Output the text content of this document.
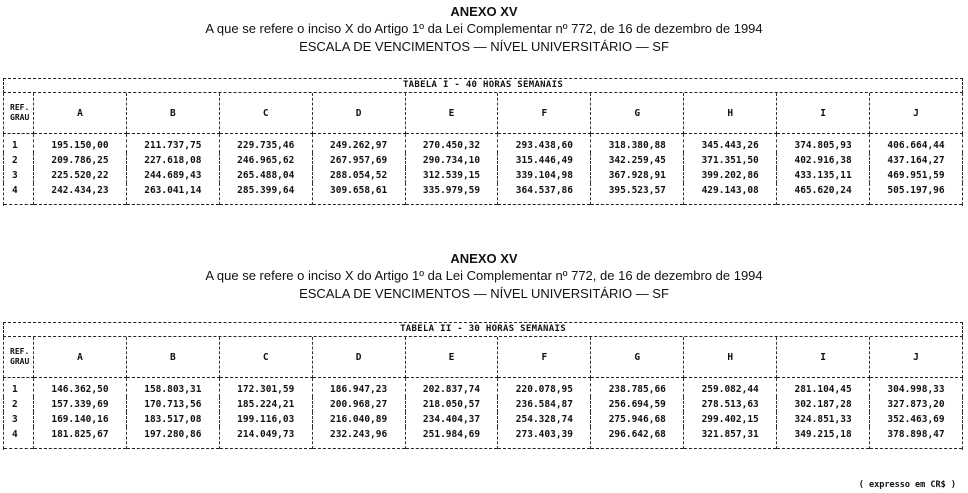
ANEXO XV
A que se refere o inciso X do Artigo 1º da Lei Complementar nº 772, de 16 de dezembro de 1994
ESCALA DE VENCIMENTOS — NÍVEL UNIVERSITÁRIO — SF
TABELA I - 40 HORAS SEMANAIS
REF.
GRAU	A	B	C	D	E	F	G	H	I	J
1	195.150,00	211.737,75	229.735,46	249.262,97	270.450,32	293.438,60	318.380,88	345.443,26	374.805,93	406.664,44
2	209.786,25	227.618,08	246.965,62	267.957,69	290.734,10	315.446,49	342.259,45	371.351,50	402.916,38	437.164,27
3	225.520,22	244.689,43	265.488,04	288.054,52	312.539,15	339.104,98	367.928,91	399.202,86	433.135,11	469.951,59
4	242.434,23	263.041,14	285.399,64	309.658,61	335.979,59	364.537,86	395.523,57	429.143,08	465.620,24	505.197,96

ANEXO XV
A que se refere o inciso X do Artigo 1º da Lei Complementar nº 772, de 16 de dezembro de 1994
ESCALA DE VENCIMENTOS — NÍVEL UNIVERSITÁRIO — SF
TABELA II - 30 HORAS SEMANAIS
REF.
GRAU	A	B	C	D	E	F	G	H	I	J
1	146.362,50	158.803,31	172.301,59	186.947,23	202.837,74	220.078,95	238.785,66	259.082,44	281.104,45	304.998,33
2	157.339,69	170.713,56	185.224,21	200.968,27	218.050,57	236.584,87	256.694,59	278.513,63	302.187,28	327.873,20
3	169.140,16	183.517,08	199.116,03	216.040,89	234.404,37	254.328,74	275.946,68	299.402,15	324.851,33	352.463,69
4	181.825,67	197.280,86	214.049,73	232.243,96	251.984,69	273.403,39	296.642,68	321.857,31	349.215,18	378.898,47

( expresso em CR$ )
